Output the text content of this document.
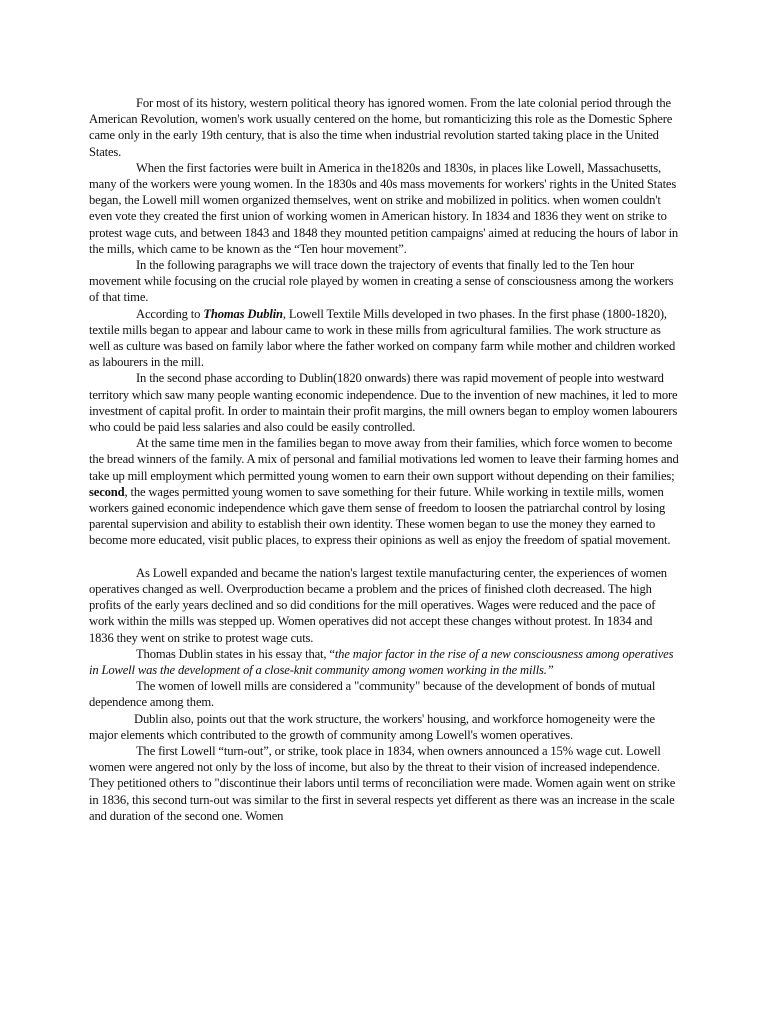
For most of its history, western political theory has ignored women. From the late colonial period through the American Revolution, women's work usually centered on the home, but romanticizing this role as the Domestic Sphere came only in the early 19th century, that is also the time when industrial revolution started taking place in the United States.

When the first factories were built in America in the1820s and 1830s, in places like Lowell, Massachusetts, many of the workers were young women. In the 1830s and 40s mass movements for workers' rights in the United States began, the Lowell mill women organized themselves, went on strike and mobilized in politics. when women couldn't even vote they created the first union of working women in American history. In 1834 and 1836 they went on strike to protest wage cuts, and between 1843 and 1848 they mounted petition campaigns' aimed at reducing the hours of labor in the mills, which came to be known as the “Ten hour movement”.

In the following paragraphs we will trace down the trajectory of events that finally led to the Ten hour movement while focusing on the crucial role played by women in creating a sense of consciousness among the workers of that time.

According to Thomas Dublin, Lowell Textile Mills developed in two phases. In the first phase (1800-1820), textile mills began to appear and labour came to work in these mills from agricultural families. The work structure as well as culture was based on family labor where the father worked on company farm while mother and children worked as labourers in the mill.

In the second phase according to Dublin(1820 onwards) there was rapid movement of people into westward territory which saw many people wanting economic independence. Due to the invention of new machines, it led to more investment of capital profit. In order to maintain their profit margins, the mill owners began to employ women labourers who could be paid less salaries and also could be easily controlled.

At the same time men in the families began to move away from their families, which force women to become the bread winners of the family. A mix of personal and familial motivations led women to leave their farming homes and take up mill employment which permitted young women to earn their own support without depending on their families; second, the wages permitted young women to save something for their future. While working in textile mills, women workers gained economic independence which gave them sense of freedom to loosen the patriarchal control by losing parental supervision and ability to establish their own identity. These women began to use the money they earned to become more educated, visit public places, to express their opinions as well as enjoy the freedom of spatial movement.

As Lowell expanded and became the nation's largest textile manufacturing center, the experiences of women operatives changed as well. Overproduction became a problem and the prices of finished cloth decreased. The high profits of the early years declined and so did conditions for the mill operatives. Wages were reduced and the pace of work within the mills was stepped up. Women operatives did not accept these changes without protest. In 1834 and 1836 they went on strike to protest wage cuts.

Thomas Dublin states in his essay that, “the major factor in the rise of a new consciousness among operatives in Lowell was the development of a close-knit community among women working in the mills.”

The women of lowell mills are considered a "community" because of the development of bonds of mutual dependence among them.

Dublin also, points out that the work structure, the workers' housing, and workforce homogeneity were the major elements which contributed to the growth of community among Lowell's women operatives.

The first Lowell “turn-out”, or strike, took place in 1834, when owners announced a 15% wage cut. Lowell women were angered not only by the loss of income, but also by the threat to their vision of increased independence. They petitioned others to "discontinue their labors until terms of reconciliation were made. Women again went on strike in 1836, this second turn-out was similar to the first in several respects yet different as there was an increase in the scale and duration of the second one. Women
